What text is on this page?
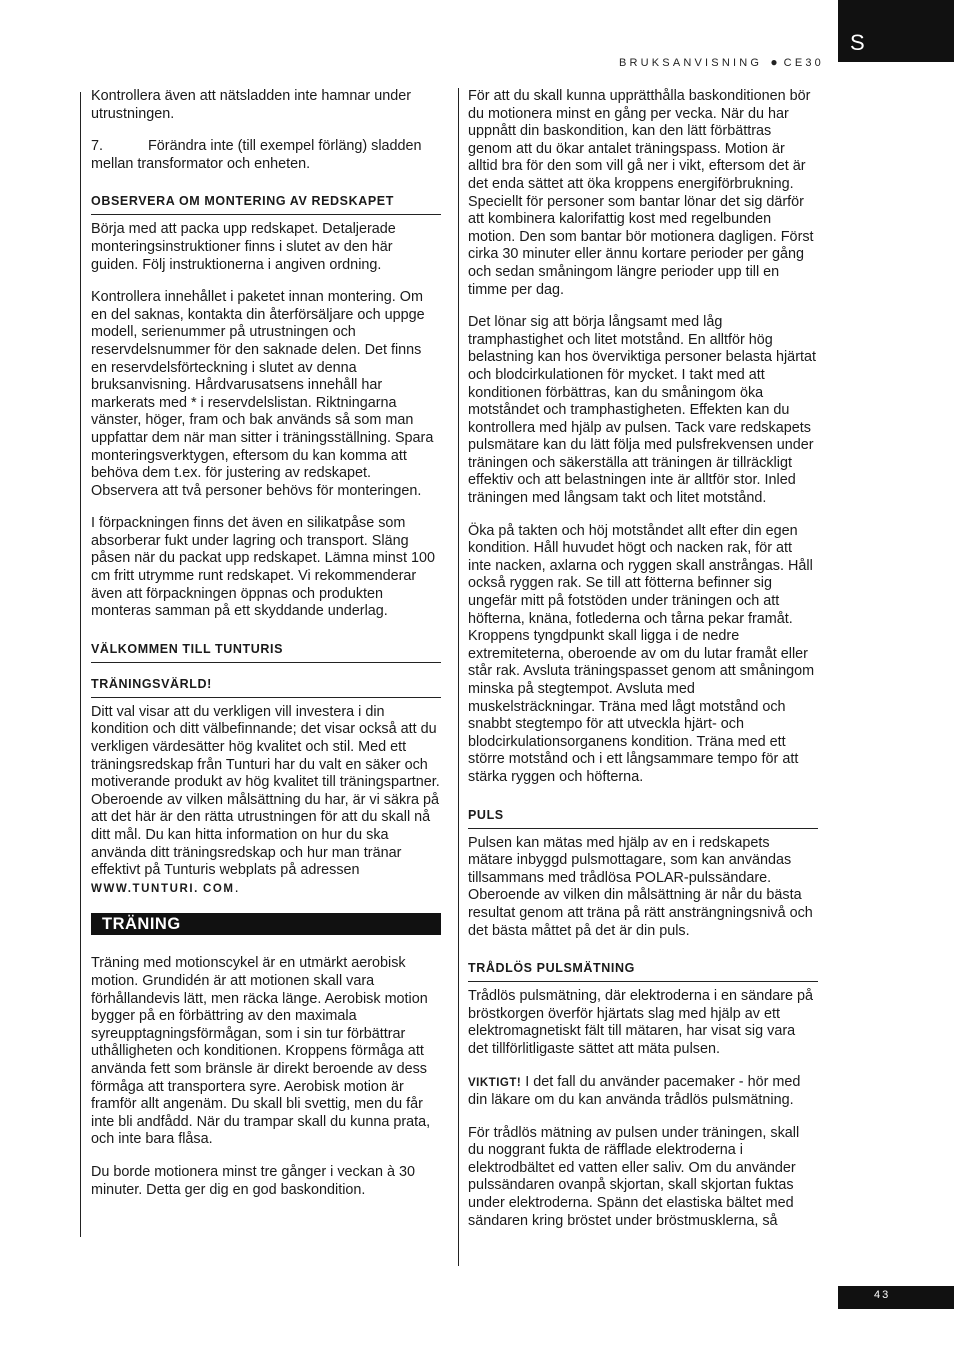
S
BRUKSANVISNING ● CE30

Kontrollera även att nätsladden inte hamnar under utrustningen.

7.	Förändra inte (till exempel förläng) sladden mellan transformator och enheten.

OBSERVERA OM MONTERING AV REDSKAPET

Börja med att packa upp redskapet. Detaljerade monteringsinstruktioner finns i slutet av den här guiden. Följ instruktionerna i angiven ordning.

Kontrollera innehållet i paketet innan montering. Om en del saknas, kontakta din återförsäljare och uppge modell, serienummer på utrustningen och reservdelsnummer för den saknade delen. Det finns en reservdelsförteckning i slutet av denna bruksanvisning. Hårdvarusatsens innehåll har markerats med * i reservdelslistan. Riktningarna vänster, höger, fram och bak används så som man uppfattar dem när man sitter i träningsställning. Spara monteringsverktygen, eftersom du kan komma att behöva dem t.ex. för justering av redskapet. Observera att två personer behövs för monteringen.

I förpackningen finns det även en silikatpåse som absorberar fukt under lagring och transport. Släng påsen när du packat upp redskapet. Lämna minst 100 cm fritt utrymme runt redskapet. Vi rekommenderar även att förpackningen öppnas och produkten monteras samman på ett skyddande underlag.

VÄLKOMMEN TILL TUNTURIS
TRÄNINGSVÄRLD!

Ditt val visar att du verkligen vill investera i din kondition och ditt välbefinnande; det visar också att du verkligen värdesätter hög kvalitet och stil. Med ett träningsredskap från Tunturi har du valt en säker och motiverande produkt av hög kvalitet till träningspartner. Oberoende av vilken målsättning du har, är vi säkra på att det här är den rätta utrustningen för att du skall nå ditt mål. Du kan hitta information on hur du ska använda ditt träningsredskap och hur man tränar effektivt på Tunturis webplats på adressen WWW.TUNTURI. COM.

TRÄNING

Träning med motionscykel är en utmärkt aerobisk motion. Grundidén är att motionen skall vara förhållandevis lätt, men räcka länge. Aerobisk motion bygger på en förbättring av den maximala syreupptagningsförmågan, som i sin tur förbättrar uthålligheten och konditionen. Kroppens förmåga att använda fett som bränsle är direkt beroende av dess förmåga att transportera syre. Aerobisk motion är framför allt angenäm. Du skall bli svettig, men du får inte bli andfådd. När du trampar skall du kunna prata, och inte bara flåsa.

Du borde motionera minst tre gånger i veckan à 30 minuter. Detta ger dig en god baskondition.

För att du skall kunna upprätthålla baskonditionen bör du motionera minst en gång per vecka. När du har uppnått din baskondition, kan den lätt förbättras genom att du ökar antalet träningspass. Motion är alltid bra för den som vill gå ner i vikt, eftersom det är det enda sättet att öka kroppens energiförbrukning. Speciellt för personer som bantar lönar det sig därför att kombinera kalorifattig kost med regelbunden motion. Den som bantar bör motionera dagligen. Först cirka 30 minuter eller ännu kortare perioder per gång och sedan småningom längre perioder upp till en timme per dag.

Det lönar sig att börja långsamt med låg tramphastighet och litet motstånd. En alltför hög belastning kan hos överviktiga personer belasta hjärtat och blodcirkulationen för mycket. I takt med att konditionen förbättras, kan du småningom öka motståndet och tramphastigheten. Effekten kan du kontrollera med hjälp av pulsen. Tack vare redskapets pulsmätare kan du lätt följa med pulsfrekvensen under träningen och säkerställa att träningen är tillräckligt effektiv och att belastningen inte är alltför stor. Inled träningen med långsam takt och litet motstånd.

Öka på takten och höj motståndet allt efter din egen kondition. Håll huvudet högt och nacken rak, för att inte nacken, axlarna och ryggen skall anstrångas. Håll också ryggen rak. Se till att fötterna befinner sig ungefär mitt på fotstöden under träningen och att höfterna, knäna, fotlederna och tårna pekar framåt. Kroppens tyngdpunkt skall ligga i de nedre extremiteterna, oberoende av om du lutar framåt eller står rak. Avsluta träningspasset genom att småningom minska på stegtempot. Avsluta med muskelsträckningar. Träna med lågt motstånd och snabbt stegtempo för att utveckla hjärt- och blodcirkulationsorganens kondition. Träna med ett större motstånd och i ett långsammare tempo för att stärka ryggen och höfterna.

PULS

Pulsen kan mätas med hjälp av en i redskapets mätare inbyggd pulsmottagare, som kan användas tillsammans med trådlösa POLAR-pulssändare. Oberoende av vilken din målsättning är når du bästa resultat genom att träna på rätt ansträngningsnivå och det bästa måttet på det är din puls.

TRÅDLÖS PULSMÄTNING

Trådlös pulsmätning, där elektroderna i en sändare på bröstkorgen överför hjärtats slag med hjälp av ett elektromagnetiskt fält till mätaren, har visat sig vara det tillförlitligaste sättet att mäta pulsen.

VIKTIGT! I det fall du använder pacemaker - hör med din läkare om du kan använda trådlös pulsmätning.

För trådlös mätning av pulsen under träningen, skall du noggrant fukta de räfflade elektroderna i elektrodbältet ed vatten eller saliv. Om du använder pulssändaren ovanpå skjortan, skall skjortan fuktas under elektroderna. Spänn det elastiska bältet med sändaren kring bröstet under bröstmusklerna, så

43
